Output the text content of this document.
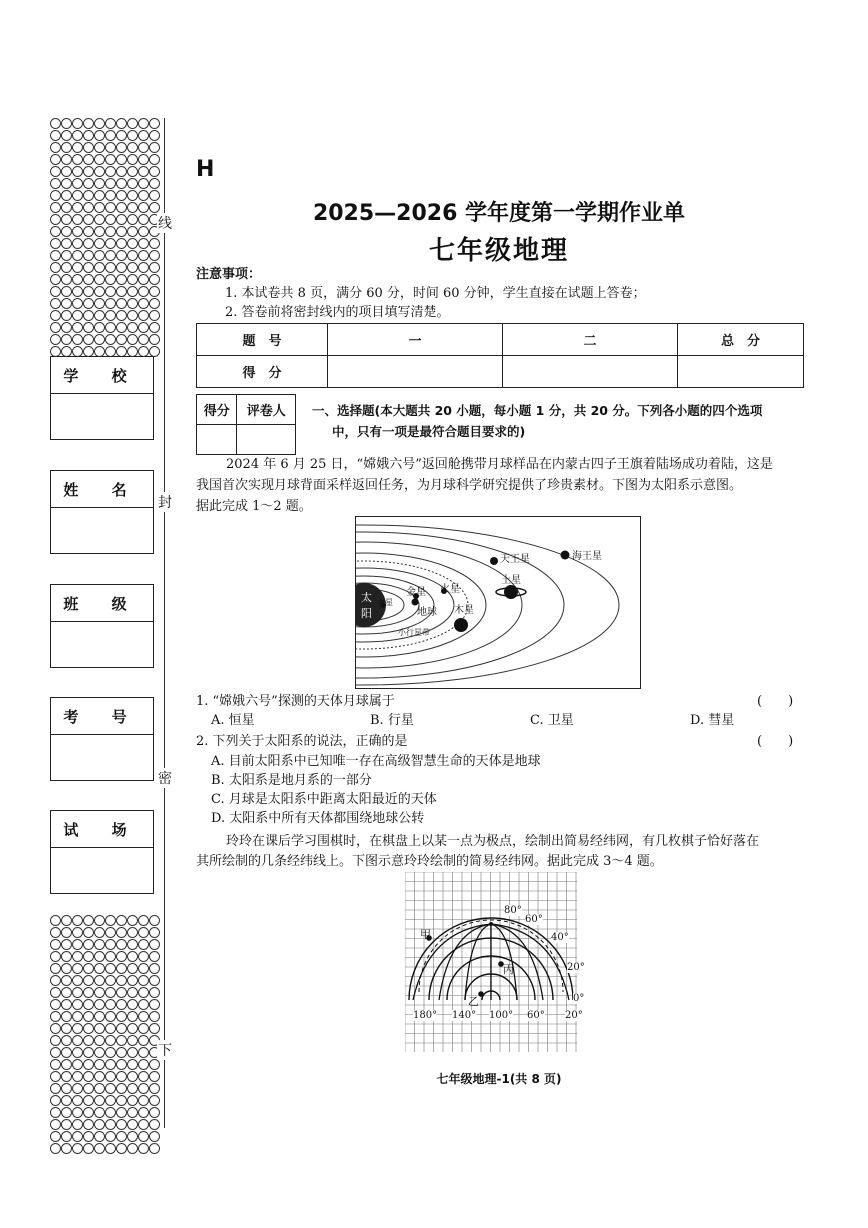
线
封
密
下
学 校
姓 名
班 级
考 号
试 场
H
2025—2026 学年度第一学期作业单
七年级地理
注意事项：
1. 本试卷共 8 页，满分 60 分，时间 60 分钟，学生直接在试题上答卷；
2. 答卷前将密封线内的项目填写清楚。
题　号	一	二	总　分
得　分			
得分	评卷人
	一、选择题(本大题共 20 小题，每小题 1 分，共 20 分。下列各小题的四个选项
中，只有一项是最符合题目要求的)
2024 年 6 月 25 日，“嫦娥六号”返回舱携带月球样品在内蒙古四子王旗着陆场成功着陆，这是
我国首次实现月球背面采样返回任务，为月球科学研究提供了珍贵素材。下图为太阳系示意图。
据此完成 1～2 题。
太
阳
水星
金星
地球
火星
木星
土星
天王星	海王星
小行星带
1. “嫦娥六号”探测的天体月球属于	(　　)
A. 恒星	B. 行星	C. 卫星	D. 彗星
2. 下列关于太阳系的说法，正确的是	(　　)
A. 目前太阳系中已知唯一存在高级智慧生命的天体是地球
B. 太阳系是地月系的一部分
C. 月球是太阳系中距离太阳最近的天体
D. 太阳系中所有天体都围绕地球公转
玲玲在课后学习围棋时，在棋盘上以某一点为极点，绘制出简易经纬网，有几枚棋子恰好落在
其所绘制的几条经纬线上。下图示意玲玲绘制的简易经纬网。据此完成 3～4 题。
80°
60°
40°
20°
0°
180° 140° 100° 60° 20°
甲
乙
丙
七年级地理-1(共 8 页)
